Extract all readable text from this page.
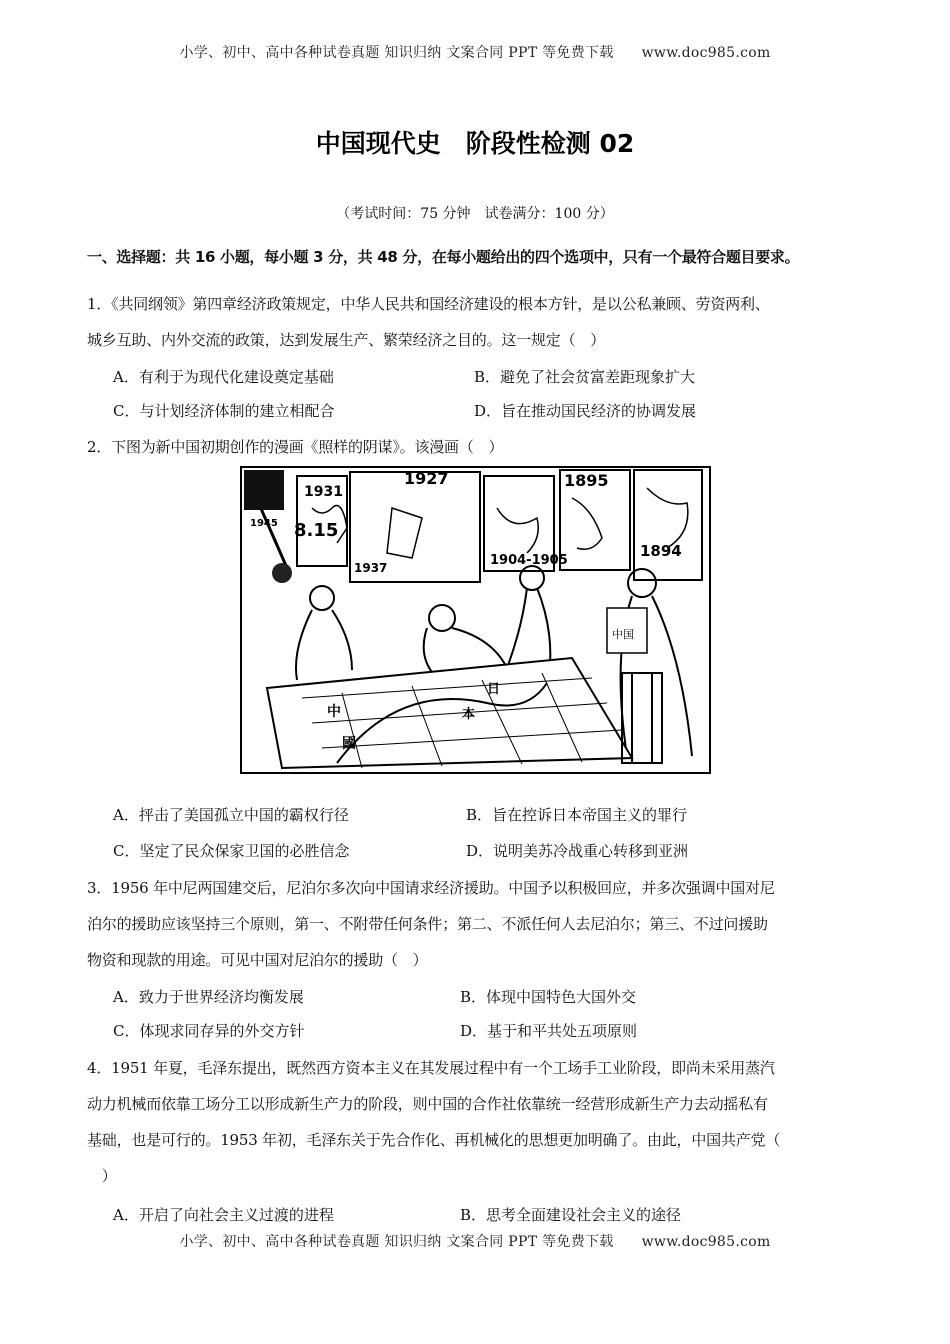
小学、初中、高中各种试卷真题 知识归纳 文案合同 PPT 等免费下载 www.doc985.com
中国现代史　阶段性检测 02
（考试时间：75 分钟　试卷满分：100 分）
一、选择题：共 16 小题，每小题 3 分，共 48 分，在每小题给出的四个选项中，只有一个最符合题目要求。
1．《共同纲领》第四章经济政策规定，中华人民共和国经济建设的根本方针，是以公私兼顾、劳资两利、
城乡互助、内外交流的政策，达到发展生产、繁荣经济之目的。这一规定（　）
A．有利于为现代化建设奠定基础	B．避免了社会贫富差距现象扩大
C．与计划经济体制的建立相配合	D．旨在推动国民经济的协调发展
2．下图为新中国初期创作的漫画《照样的阴谋》。该漫画（　）
1931
1927	1895
8.15
1945
1937	1904-1905
1894
中
國
日
本
中国
A．抨击了美国孤立中国的霸权行径	B．旨在控诉日本帝国主义的罪行
C．坚定了民众保家卫国的必胜信念	D．说明美苏冷战重心转移到亚洲
3．1956 年中尼两国建交后，尼泊尔多次向中国请求经济援助。中国予以积极回应，并多次强调中国对尼
泊尔的援助应该坚持三个原则，第一、不附带任何条件；第二、不派任何人去尼泊尔；第三、不过问援助
物资和现款的用途。可见中国对尼泊尔的援助（　）
A．致力于世界经济均衡发展	B．体现中国特色大国外交
C．体现求同存异的外交方针	D．基于和平共处五项原则
4．1951 年夏，毛泽东提出，既然西方资本主义在其发展过程中有一个工场手工业阶段，即尚未采用蒸汽
动力机械而依靠工场分工以形成新生产力的阶段，则中国的合作社依靠统一经营形成新生产力去动摇私有
基础，也是可行的。1953 年初，毛泽东关于先合作化、再机械化的思想更加明确了。由此，中国共产党（
　）
A．开启了向社会主义过渡的进程	B．思考全面建设社会主义的途径
小学、初中、高中各种试卷真题 知识归纳 文案合同 PPT 等免费下载 www.doc985.com
